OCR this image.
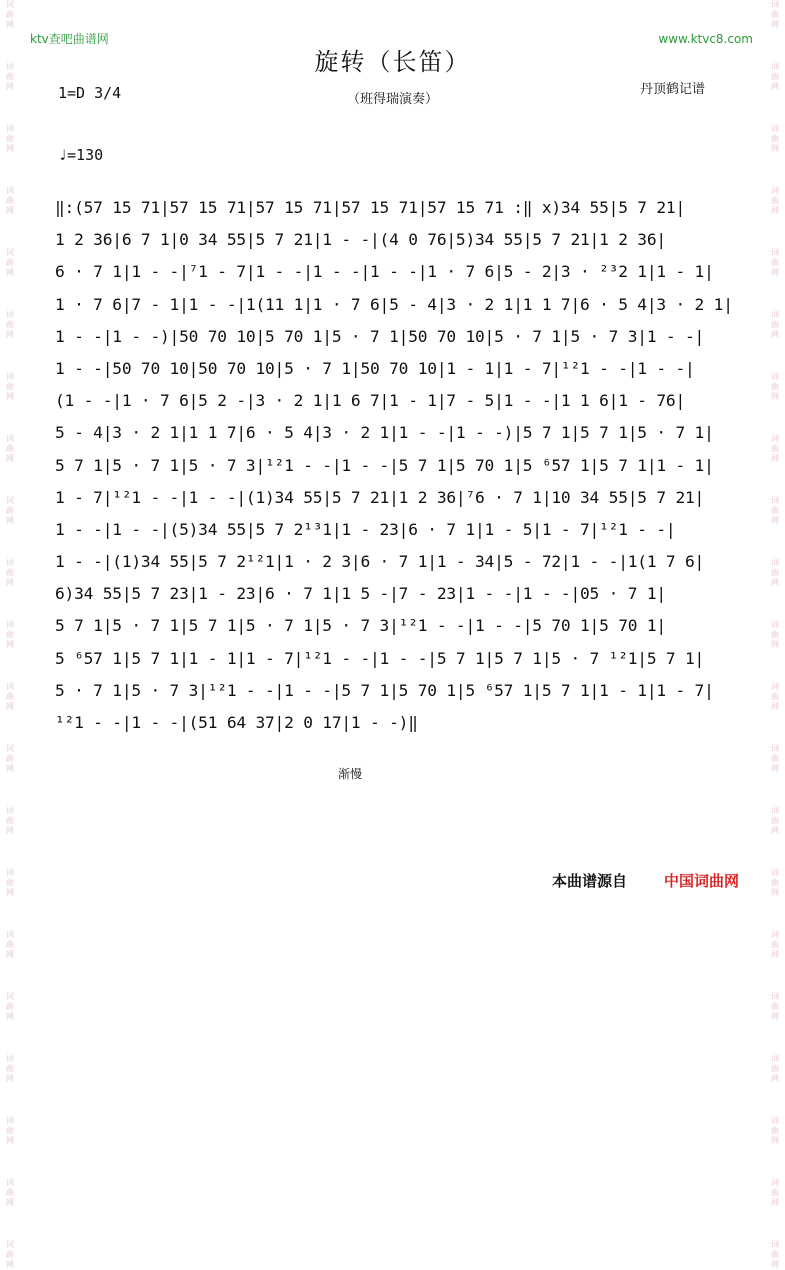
词
曲
网
词
曲
网
词
曲
网
词
曲
网
词
曲
网
词
曲
网
词
曲
网
词
曲
网
词
曲
网
词
曲
网
词
曲
网
词
曲
网
词
曲
网
词
曲
网
词
曲
网
词
曲
网
词
曲
网
词
曲
网
词
曲
网
词
曲
网
词
曲
网
词
曲
网
词
曲
网
词
曲
网
词
曲
网
词
曲
网
词
曲
网
词
曲
网
词
曲
网
词
曲
网
词
曲
网
词
曲
网
词
曲
网
词
曲
网
词
曲
网
词
曲
网
词
曲
网
词
曲
网
词
曲
网
词
曲
网
词
曲
网
词
曲
网
ktv查吧曲谱网	www.ktvc8.com
旋转（长笛）
（班得瑞演奏）
1=D 3/4	丹顶鹤记谱
♩=130
‖:(57 15 71|57 15 71|57 15 71|57 15 71|57 15 71 :‖ x)34 55|5 7 21|
1 2 36|6 7 1|0 34 55|5 7 21|1 - -|(4 0 76|5)34 55|5 7 21|1 2 36|
6 · 7 1|1 - -|⁷1 - 7|1 - -|1 - -|1 - -|1 · 7 6|5 - 2|3 · ²³2 1|1 - 1|
1 · 7 6|7 - 1|1 - -|1(11 1|1 · 7 6|5 - 4|3 · 2 1|1 1 7|6 · 5 4|3 · 2 1|
1 - -|1 - -)|50 70 10|5 70 1|5 · 7 1|50 70 10|5 · 7 1|5 · 7 3|1 - -|
1 - -|50 70 10|50 70 10|5 · 7 1|50 70 10|1 - 1|1 - 7|¹²1 - -|1 - -|
(1 - -|1 · 7 6|5 2 -|3 · 2 1|1 6 7|1 - 1|7 - 5|1 - -|1 1 6|1 - 76|
5 - 4|3 · 2 1|1 1 7|6 · 5 4|3 · 2 1|1 - -|1 - -)|5 7 1|5 7 1|5 · 7 1|
5 7 1|5 · 7 1|5 · 7 3|¹²1 - -|1 - -|5 7 1|5 70 1|5 ⁶57 1|5 7 1|1 - 1|
1 - 7|¹²1 - -|1 - -|(1)34 55|5 7 21|1 2 36|⁷6 · 7 1|10 34 55|5 7 21|
1 - -|1 - -|(5)34 55|5 7 2¹³1|1 - 23|6 · 7 1|1 - 5|1 - 7|¹²1 - -|
1 - -|(1)34 55|5 7 2¹²1|1 · 2 3|6 · 7 1|1 - 34|5 - 72|1 - -|1(1 7 6|
6)34 55|5 7 23|1 - 23|6 · 7 1|1 5 -|7 - 23|1 - -|1 - -|05 · 7 1|
5 7 1|5 · 7 1|5 7 1|5 · 7 1|5 · 7 3|¹²1 - -|1 - -|5 70 1|5 70 1|
5 ⁶57 1|5 7 1|1 - 1|1 - 7|¹²1 - -|1 - -|5 7 1|5 7 1|5 · 7 ¹²1|5 7 1|
5 · 7 1|5 · 7 3|¹²1 - -|1 - -|5 7 1|5 70 1|5 ⁶57 1|5 7 1|1 - 1|1 - 7|
¹²1 - -|1 - -|(51 64 37|2 0 17|1 - -)‖
渐慢
本曲谱源自 中国词曲网
